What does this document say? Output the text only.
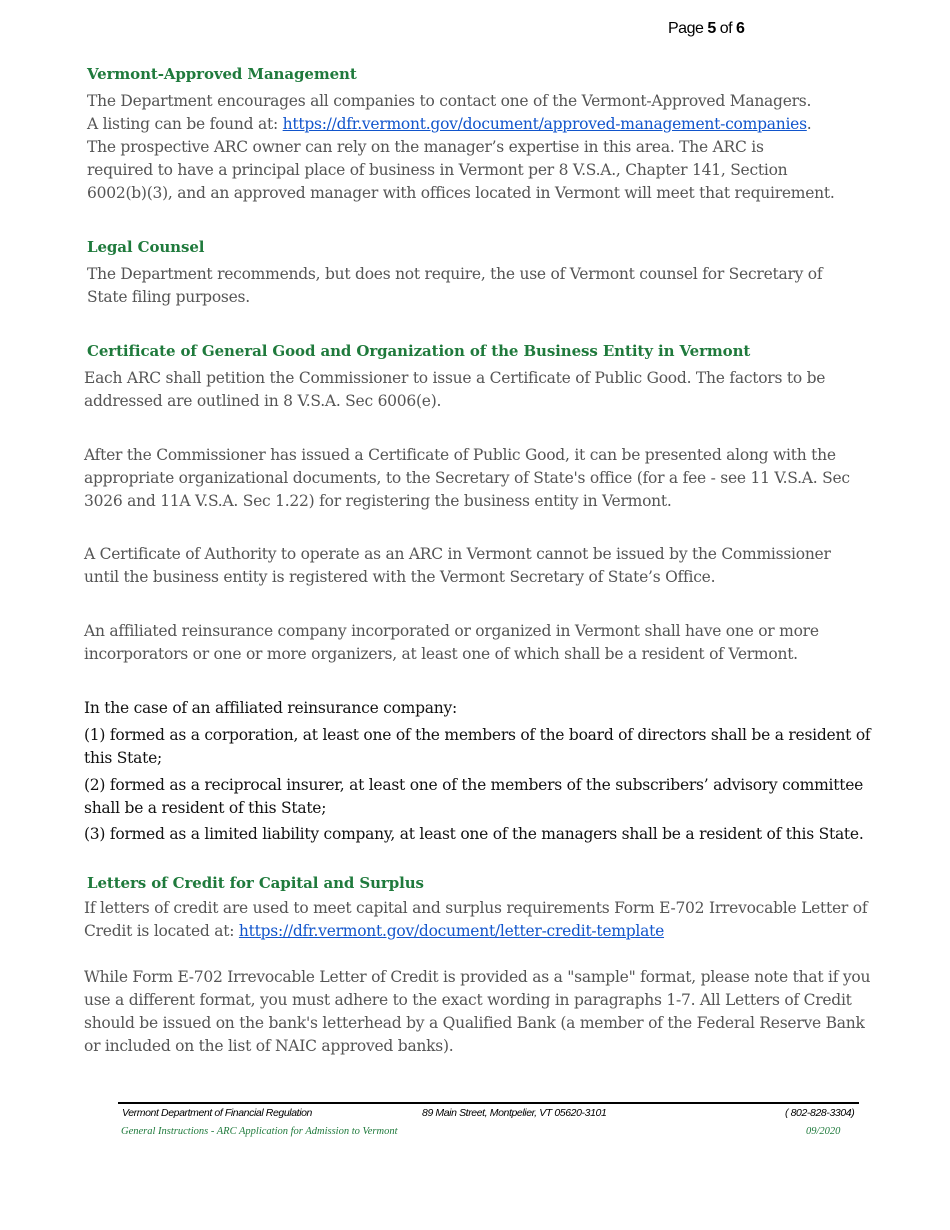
Page 5 of 6
Vermont-Approved Management
The Department encourages all companies to contact one of the Vermont-Approved Managers.
A listing can be found at: https://dfr.vermont.gov/document/approved-management-companies.
The prospective ARC owner can rely on the manager’s expertise in this area. The ARC is
required to have a principal place of business in Vermont per 8 V.S.A., Chapter 141, Section
6002(b)(3), and an approved manager with offices located in Vermont will meet that requirement.
Legal Counsel
The Department recommends, but does not require, the use of Vermont counsel for Secretary of
State filing purposes.
Certificate of General Good and Organization of the Business Entity in Vermont
Each ARC shall petition the Commissioner to issue a Certificate of Public Good. The factors to be
addressed are outlined in 8 V.S.A. Sec 6006(e).
After the Commissioner has issued a Certificate of Public Good, it can be presented along with the
appropriate organizational documents, to the Secretary of State's office (for a fee - see 11 V.S.A. Sec
3026 and 11A V.S.A. Sec 1.22) for registering the business entity in Vermont.
A Certificate of Authority to operate as an ARC in Vermont cannot be issued by the Commissioner
until the business entity is registered with the Vermont Secretary of State’s Office.
An affiliated reinsurance company incorporated or organized in Vermont shall have one or more
incorporators or one or more organizers, at least one of which shall be a resident of Vermont.
In the case of an affiliated reinsurance company:
(1) formed as a corporation, at least one of the members of the board of directors shall be a resident of
this State;
(2) formed as a reciprocal insurer, at least one of the members of the subscribers’ advisory committee
shall be a resident of this State;
(3) formed as a limited liability company, at least one of the managers shall be a resident of this State.
Letters of Credit for Capital and Surplus
If letters of credit are used to meet capital and surplus requirements Form E-702 Irrevocable Letter of
Credit is located at: https://dfr.vermont.gov/document/letter-credit-template
While Form E-702 Irrevocable Letter of Credit is provided as a "sample" format, please note that if you
use a different format, you must adhere to the exact wording in paragraphs 1-7. All Letters of Credit
should be issued on the bank's letterhead by a Qualified Bank (a member of the Federal Reserve Bank
or included on the list of NAIC approved banks).
Vermont Department of Financial Regulation	89 Main Street, Montpelier, VT 05620-3101	( 802-828-3304)
General Instructions - ARC Application for Admission to Vermont	09/2020
